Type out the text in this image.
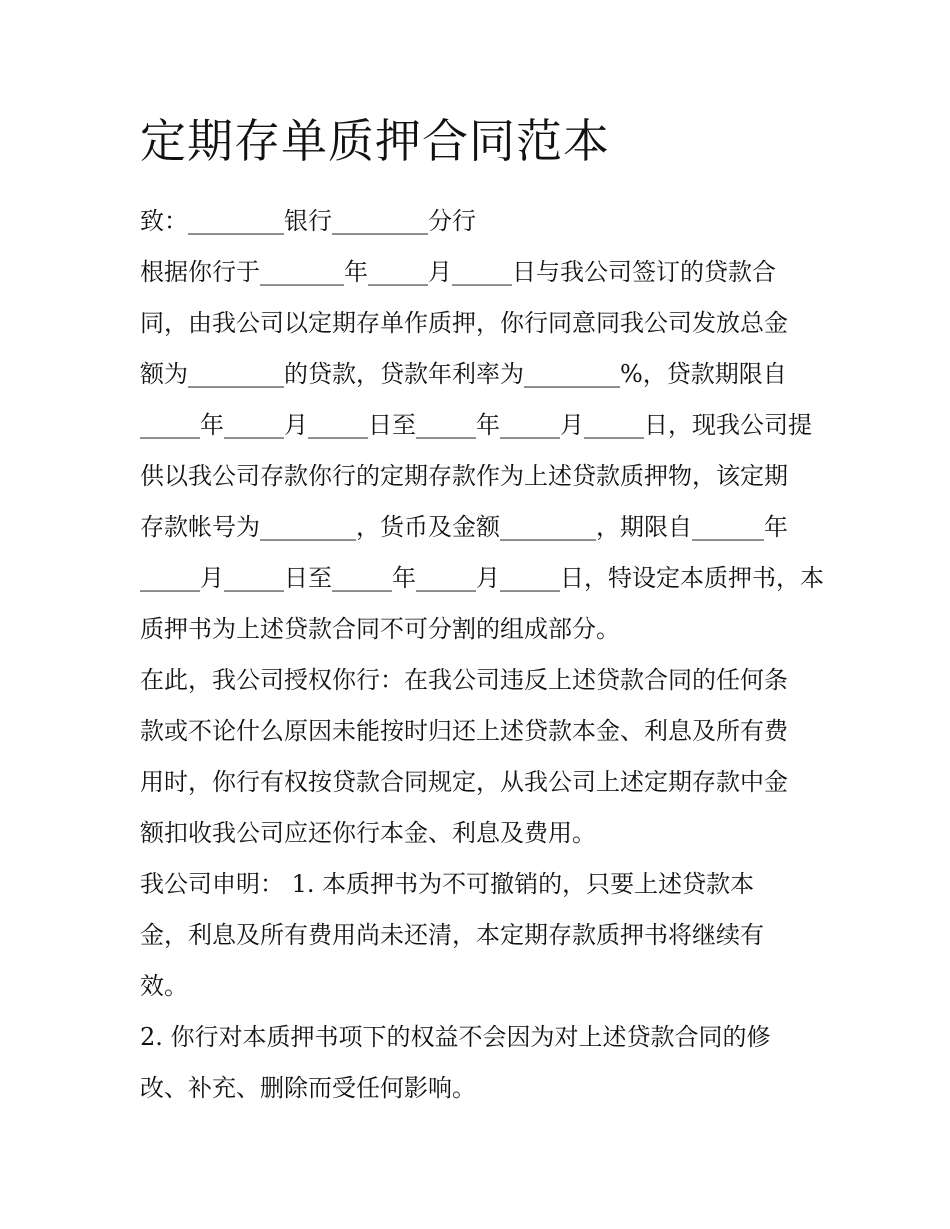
定期存单质押合同范本

致：________银行________分行

根据你行于_______年_____月_____日与我公司签订的贷款合

同，由我公司以定期存单作质押，你行同意同我公司发放总金

额为________的贷款，贷款年利率为________%，贷款期限自

_____年_____月_____日至_____年_____月_____日，现我公司提

供以我公司存款你行的定期存款作为上述贷款质押物，该定期

存款帐号为________，货币及金额________，期限自______年

_____月_____日至_____年_____月_____日，特设定本质押书，本

质押书为上述贷款合同不可分割的组成部分。

在此，我公司授权你行：在我公司违反上述贷款合同的任何条

款或不论什么原因未能按时归还上述贷款本金、利息及所有费

用时，你行有权按贷款合同规定，从我公司上述定期存款中金

额扣收我公司应还你行本金、利息及费用。

我公司申明： 1. 本质押书为不可撤销的，只要上述贷款本

金，利息及所有费用尚未还清，本定期存款质押书将继续有

效。

2. 你行对本质押书项下的权益不会因为对上述贷款合同的修

改、补充、删除而受任何影响。
